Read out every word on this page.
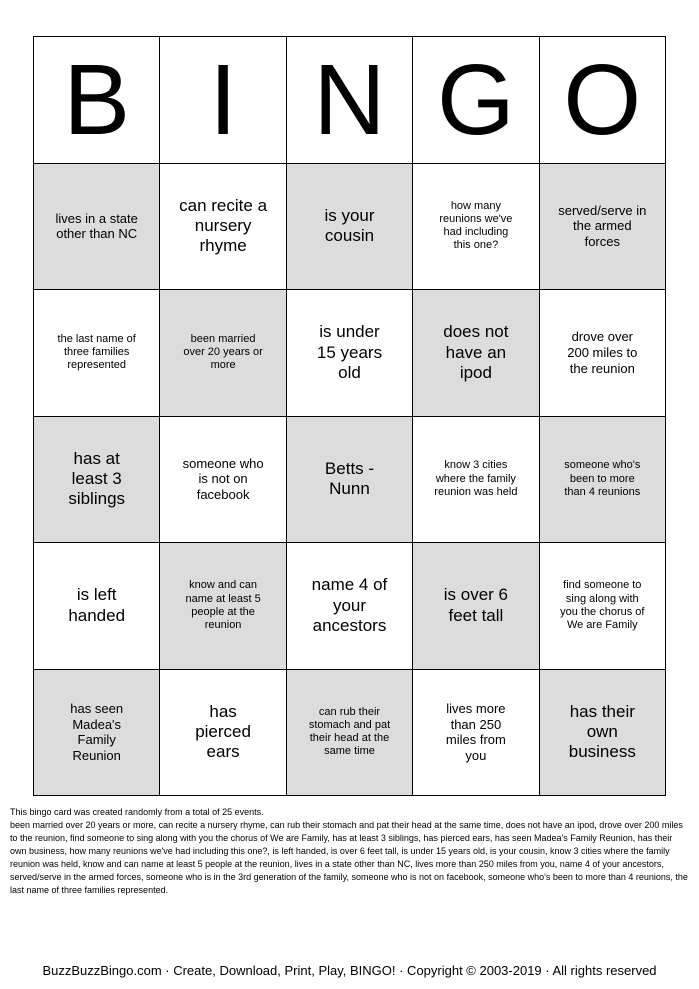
B I N G O
lives in a state other than NC
can recite a nursery rhyme
is your cousin
how many reunions we've had including this one?
served/serve in the armed forces
the last name of three families represented
been married over 20 years or more
is under 15 years old
does not have an ipod
drove over 200 miles to the reunion
has at least 3 siblings
someone who is not on facebook
Betts -Nunn
know 3 cities where the family reunion was held
someone who's been to more than 4 reunions
is left handed
know and can name at least 5 people at the reunion
name 4 of your ancestors
is over 6 feet tall
find someone to sing along with you the chorus of We are Family
has seen Madea's Family Reunion
has pierced ears
can rub their stomach and pat their head at the same time
lives more than 250 miles from you
has their own business
This bingo card was created randomly from a total of 25 events.
been married over 20 years or more, can recite a nursery rhyme, can rub their stomach and pat their head at the same time, does not have an ipod, drove over 200 miles to the reunion, find someone to sing along with you the chorus of We are Family, has at least 3 siblings, has pierced ears, has seen Madea's Family Reunion, has their own business, how many reunions we've had including this one?, is left handed, is over 6 feet tall, is under 15 years old, is your cousin, know 3 cities where the family reunion was held, know and can name at least 5 people at the reunion, lives in a state other than NC, lives more than 250 miles from you, name 4 of your ancestors, served/serve in the armed forces, someone who is in the 3rd generation of the family, someone who is not on facebook, someone who's been to more than 4 reunions, the last name of three families represented.
BuzzBuzzBingo.com · Create, Download, Print, Play, BINGO! · Copyright © 2003-2019 · All rights reserved
